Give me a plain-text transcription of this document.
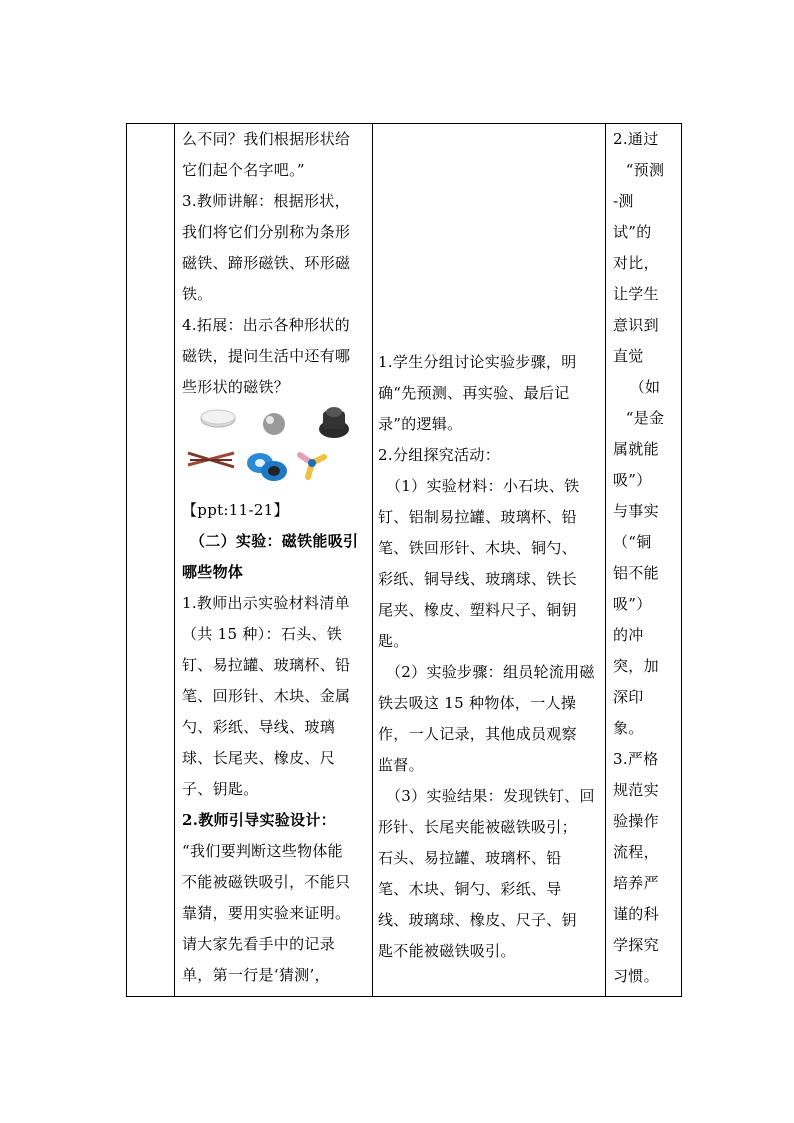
么不同？我们根据形状给

它们起个名字吧。”

3.教师讲解：根据形状，

我们将它们分别称为条形

磁铁、蹄形磁铁、环形磁

铁。

4.拓展：出示各种形状的

磁铁，提问生活中还有哪

些形状的磁铁？

【ppt:11-21】

（二）实验：磁铁能吸引

哪些物体

1.教师出示实验材料清单

（共 15 种）：石头、铁

钉、易拉罐、玻璃杯、铅

笔、回形针、木块、金属

勺、彩纸、导线、玻璃

球、长尾夹、橡皮、尺

子、钥匙。

2.教师引导实验设计：

“我们要判断这些物体能

不能被磁铁吸引，不能只

靠猜，要用实验来证明。

请大家先看手中的记录

单，第一行是‘猜测’，

1.学生分组讨论实验步骤，明

确“先预测、再实验、最后记

录”的逻辑。

2.分组探究活动：

（1）实验材料：小石块、铁

钉、铝制易拉罐、玻璃杯、铅

笔、铁回形针、木块、铜勺、

彩纸、铜导线、玻璃球、铁长

尾夹、橡皮、塑料尺子、铜钥

匙。

（2）实验步骤：组员轮流用磁

铁去吸这 15 种物体，一人操

作，一人记录，其他成员观察

监督。

（3）实验结果：发现铁钉、回

形针、长尾夹能被磁铁吸引；

石头、易拉罐、玻璃杯、铅

笔、木块、铜勺、彩纸、导

线、玻璃球、橡皮、尺子、钥

匙不能被磁铁吸引。

2.通过

“预测

-测

试”的

对比，

让学生

意识到

直觉

（如

“是金

属就能

吸”）

与事实

（“铜

铝不能

吸”）

的冲

突，加

深印

象。

3.严格

规范实

验操作

流程，

培养严

谨的科

学探究

习惯。
